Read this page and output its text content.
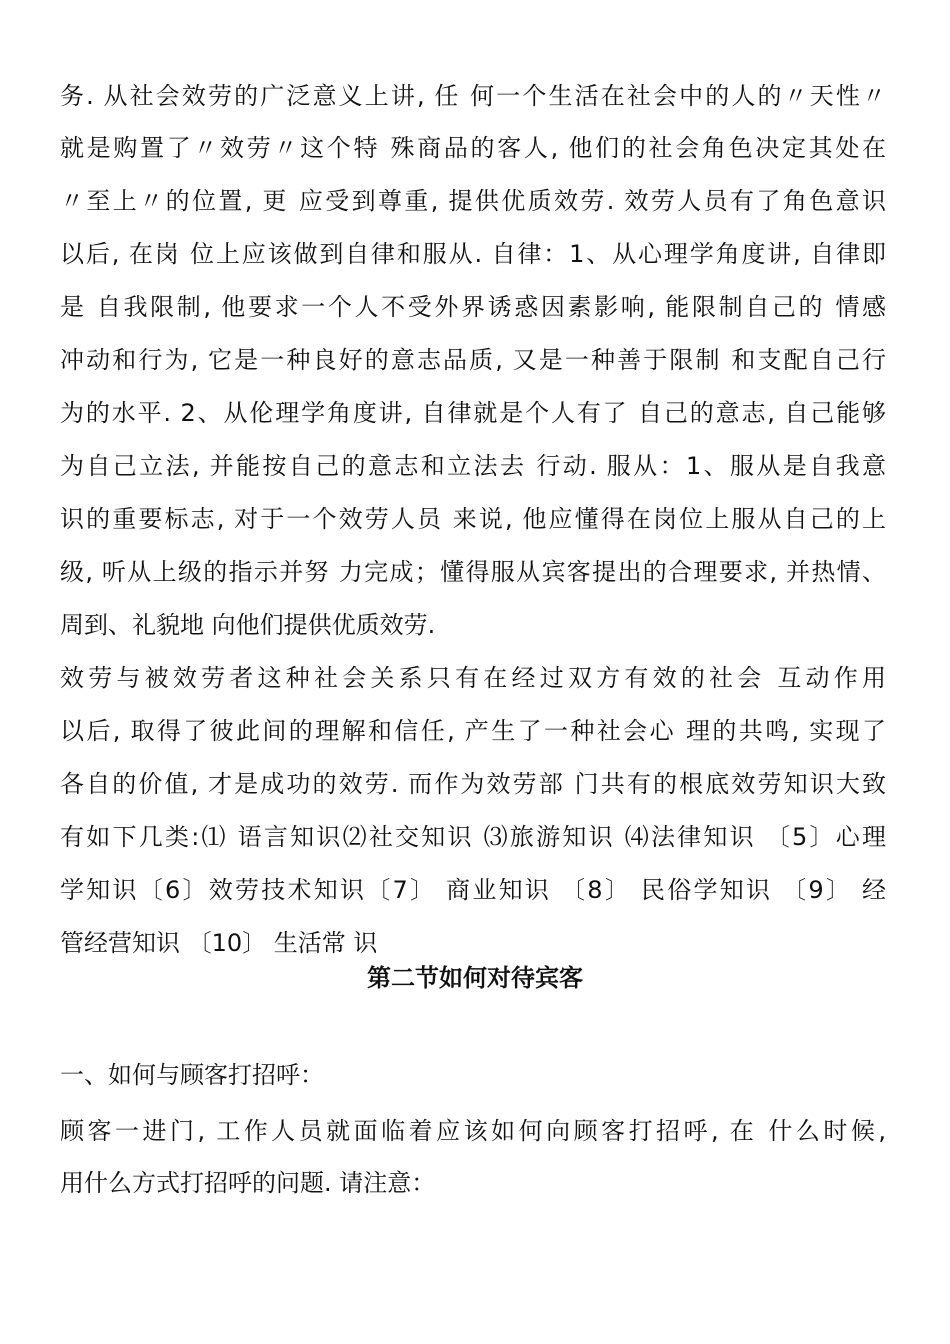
务. 从社会效劳的广泛意义上讲, 任 何一个生活在社会中的人的〃天性〃
就是购置了〃效劳〃这个特 殊商品的客人, 他们的社会角色决定其处在
〃至上〃的位置, 更 应受到尊重, 提供优质效劳. 效劳人员有了角色意识
以后, 在岗 位上应该做到自律和服从. 自律：1、从心理学角度讲, 自律即
是 自我限制, 他要求一个人不受外界诱惑因素影响, 能限制自己的 情感
冲动和行为, 它是一种良好的意志品质, 又是一种善于限制 和支配自己行
为的水平. 2、从伦理学角度讲, 自律就是个人有了 自己的意志, 自己能够
为自己立法, 并能按自己的意志和立法去 行动. 服从：1、服从是自我意
识的重要标志, 对于一个效劳人员 来说, 他应懂得在岗位上服从自己的上
级, 听从上级的指示并努 力完成；懂得服从宾客提出的合理要求, 并热情、
周到、礼貌地 向他们提供优质效劳.
效劳与被效劳者这种社会关系只有在经过双方有效的社会 互动作用
以后, 取得了彼此间的理解和信任, 产生了一种社会心 理的共鸣, 实现了
各自的价值, 才是成功的效劳. 而作为效劳部 门共有的根底效劳知识大致
有如下几类:⑴ 语言知识⑵社交知识 ⑶旅游知识 ⑷法律知识 〔5〕心理
学知识〔6〕效劳技术知识〔7〕 商业知识 〔8〕 民俗学知识 〔9〕 经
管经营知识 〔10〕 生活常 识
第二节如何对待宾客
一、如何与顾客打招呼：
顾客一进门, 工作人员就面临着应该如何向顾客打招呼, 在 什么时候,
用什么方式打招呼的问题. 请注意：
